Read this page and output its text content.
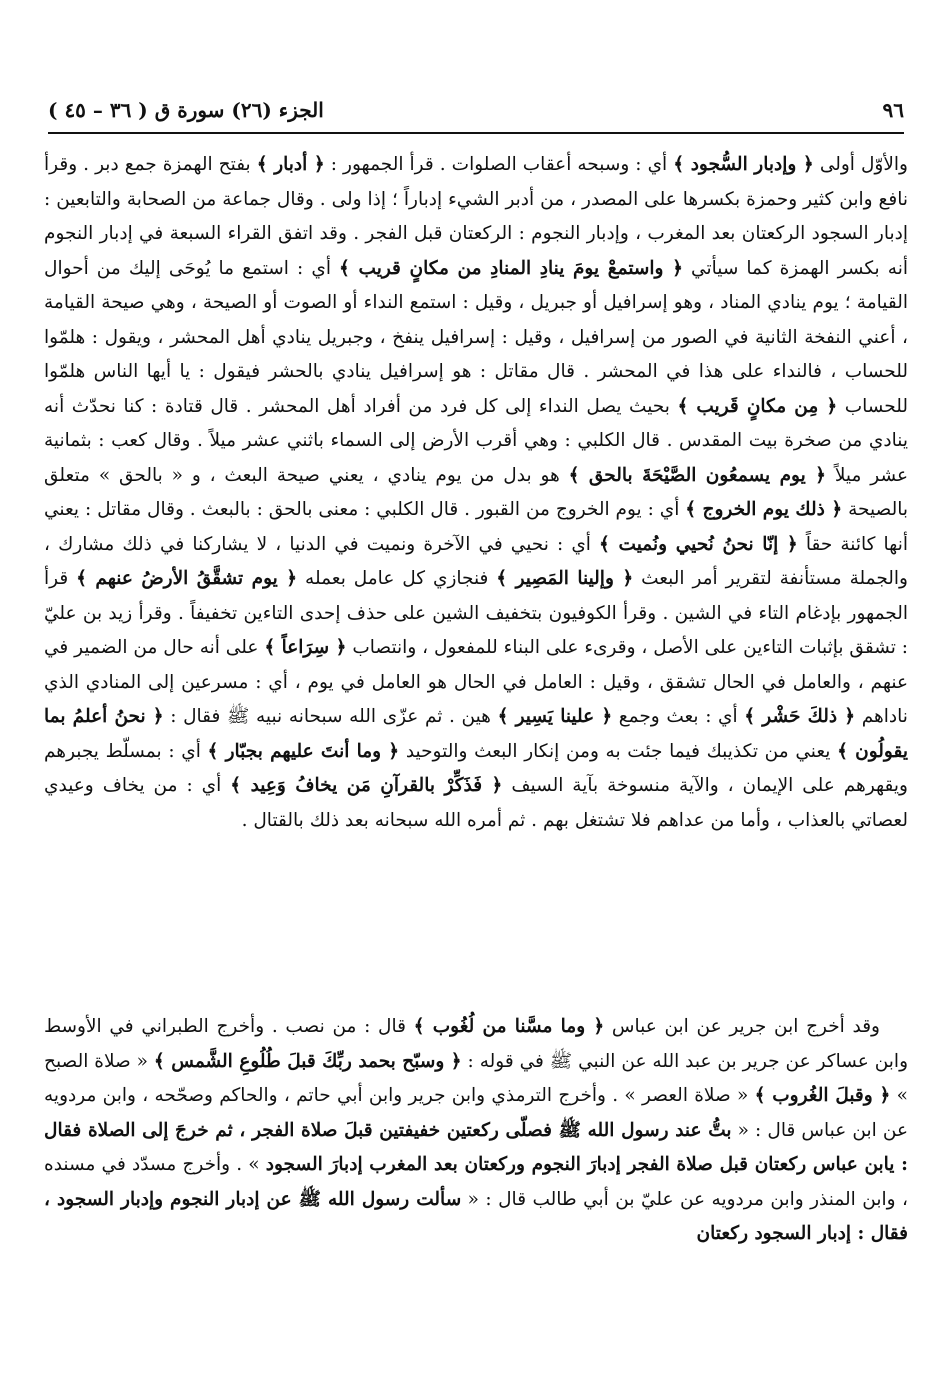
٩٦
الجزء (٢٦) سورة ق ( ٣٦ – ٤٥ )

والأوّل أولى ﴿ وإدبار السُّجود ﴾ أي : وسبحه أعقاب الصلوات . قرأ الجمهور : ﴿ أدبار ﴾ بفتح الهمزة جمع دبر . وقرأ نافع وابن كثير وحمزة بكسرها على المصدر ، من أدبر الشيء إدباراً ؛ إذا ولى . وقال جماعة من الصحابة والتابعين : إدبار السجود الركعتان بعد المغرب ، وإدبار النجوم : الركعتان قبل الفجر . وقد اتفق القراء السبعة في إدبار النجوم أنه بكسر الهمزة كما سيأتي ﴿ واستمعْ يومَ ينادِ المنادِ من مكانٍ قريب ﴾ أي : استمع ما يُوحَى إليك من أحوال القيامة ؛ يوم ينادي المناد ، وهو إسرافيل أو جبريل ، وقيل : استمع النداء أو الصوت أو الصيحة ، وهي صيحة القيامة ، أعني النفخة الثانية في الصور من إسرافيل ، وقيل : إسرافيل ينفخ ، وجبريل ينادي أهل المحشر ، ويقول : هلمّوا للحساب ، فالنداء على هذا في المحشر . قال مقاتل : هو إسرافيل ينادي بالحشر فيقول : يا أيها الناس هلمّوا للحساب ﴿ مِن مكانٍ قَريب ﴾ بحيث يصل النداء إلى كل فرد من أفراد أهل المحشر . قال قتادة : كنا نحدّث أنه ينادي من صخرة بيت المقدس . قال الكلبي : وهي أقرب الأرض إلى السماء باثني عشر ميلاً . وقال كعب : بثمانية عشر ميلاً ﴿ يوم يسمعُون الصَّيْحَةَ بالحق ﴾ هو بدل من يوم ينادي ، يعني صيحة البعث ، و « بالحق » متعلق بالصيحة ﴿ ذلك يوم الخروج ﴾ أي : يوم الخروج من القبور . قال الكلبي : معنى بالحق : بالبعث . وقال مقاتل : يعني أنها كائنة حقاً ﴿ إنّا نحنُ نُحيي ونُميت ﴾ أي : نحيي في الآخرة ونميت في الدنيا ، لا يشاركنا في ذلك مشارك ، والجملة مستأنفة لتقرير أمر البعث ﴿ وإلينا المَصِير ﴾ فنجازي كل عامل بعمله ﴿ يوم تشقَّقُ الأرضُ عنهم ﴾ قرأ الجمهور بإدغام التاء في الشين . وقرأ الكوفيون بتخفيف الشين على حذف إحدى التاءين تخفيفاً . وقرأ زيد بن عليّ : تشقق بإثبات التاءين على الأصل ، وقرىء على البناء للمفعول ، وانتصاب ﴿ سِرَاعاً ﴾ على أنه حال من الضمير في عنهم ، والعامل في الحال تشقق ، وقيل : العامل في الحال هو العامل في يوم ، أي : مسرعين إلى المنادي الذي ناداهم ﴿ ذلكَ حَشْر ﴾ أي : بعث وجمع ﴿ علينا يَسِير ﴾ هين . ثم عزّى الله سبحانه نبيه ﷺ فقال : ﴿ نحنُ أعلمُ بما يقولُون ﴾ يعني من تكذيبك فيما جئت به ومن إنكار البعث والتوحيد ﴿ وما أنتَ عليهم بجبّار ﴾ أي : بمسلّط يجبرهم ويقهرهم على الإيمان ، والآية منسوخة بآية السيف ﴿ فَذَكِّرْ بالقرآنِ مَن يخافُ وَعِيد ﴾ أي : من يخاف وعيدي لعصاتي بالعذاب ، وأما من عداهم فلا تشتغل بهم . ثم أمره الله سبحانه بعد ذلك بالقتال .

وقد أخرج ابن جرير عن ابن عباس ﴿ وما مسَّنا من لُغُوب ﴾ قال : من نصب . وأخرج الطبراني في الأوسط وابن عساكر عن جرير بن عبد الله عن النبي ﷺ في قوله : ﴿ وسبّح بحمد ربِّكَ قبلَ طُلُوعِ الشَّمس ﴾ « صلاة الصبح » ﴿ وقبلَ الغُروب ﴾ « صلاة العصر » . وأخرج الترمذي وابن جرير وابن أبي حاتم ، والحاكم وصحّحه ، وابن مردويه عن ابن عباس قال : « بتُّ عند رسول الله ﷺ فصلّى ركعتين خفيفتين قبلَ صلاة الفجر ، ثم خرجَ إلى الصلاة فقال : يابن عباس ركعتان قبل صلاة الفجر إدبارَ النجوم وركعتان بعد المغرب إدبارَ السجود » . وأخرج مسدّد في مسنده ، وابن المنذر وابن مردويه عن عليّ بن أبي طالب قال : « سألت رسول الله ﷺ عن إدبار النجوم وإدبار السجود ، فقال : إدبار السجود ركعتان
